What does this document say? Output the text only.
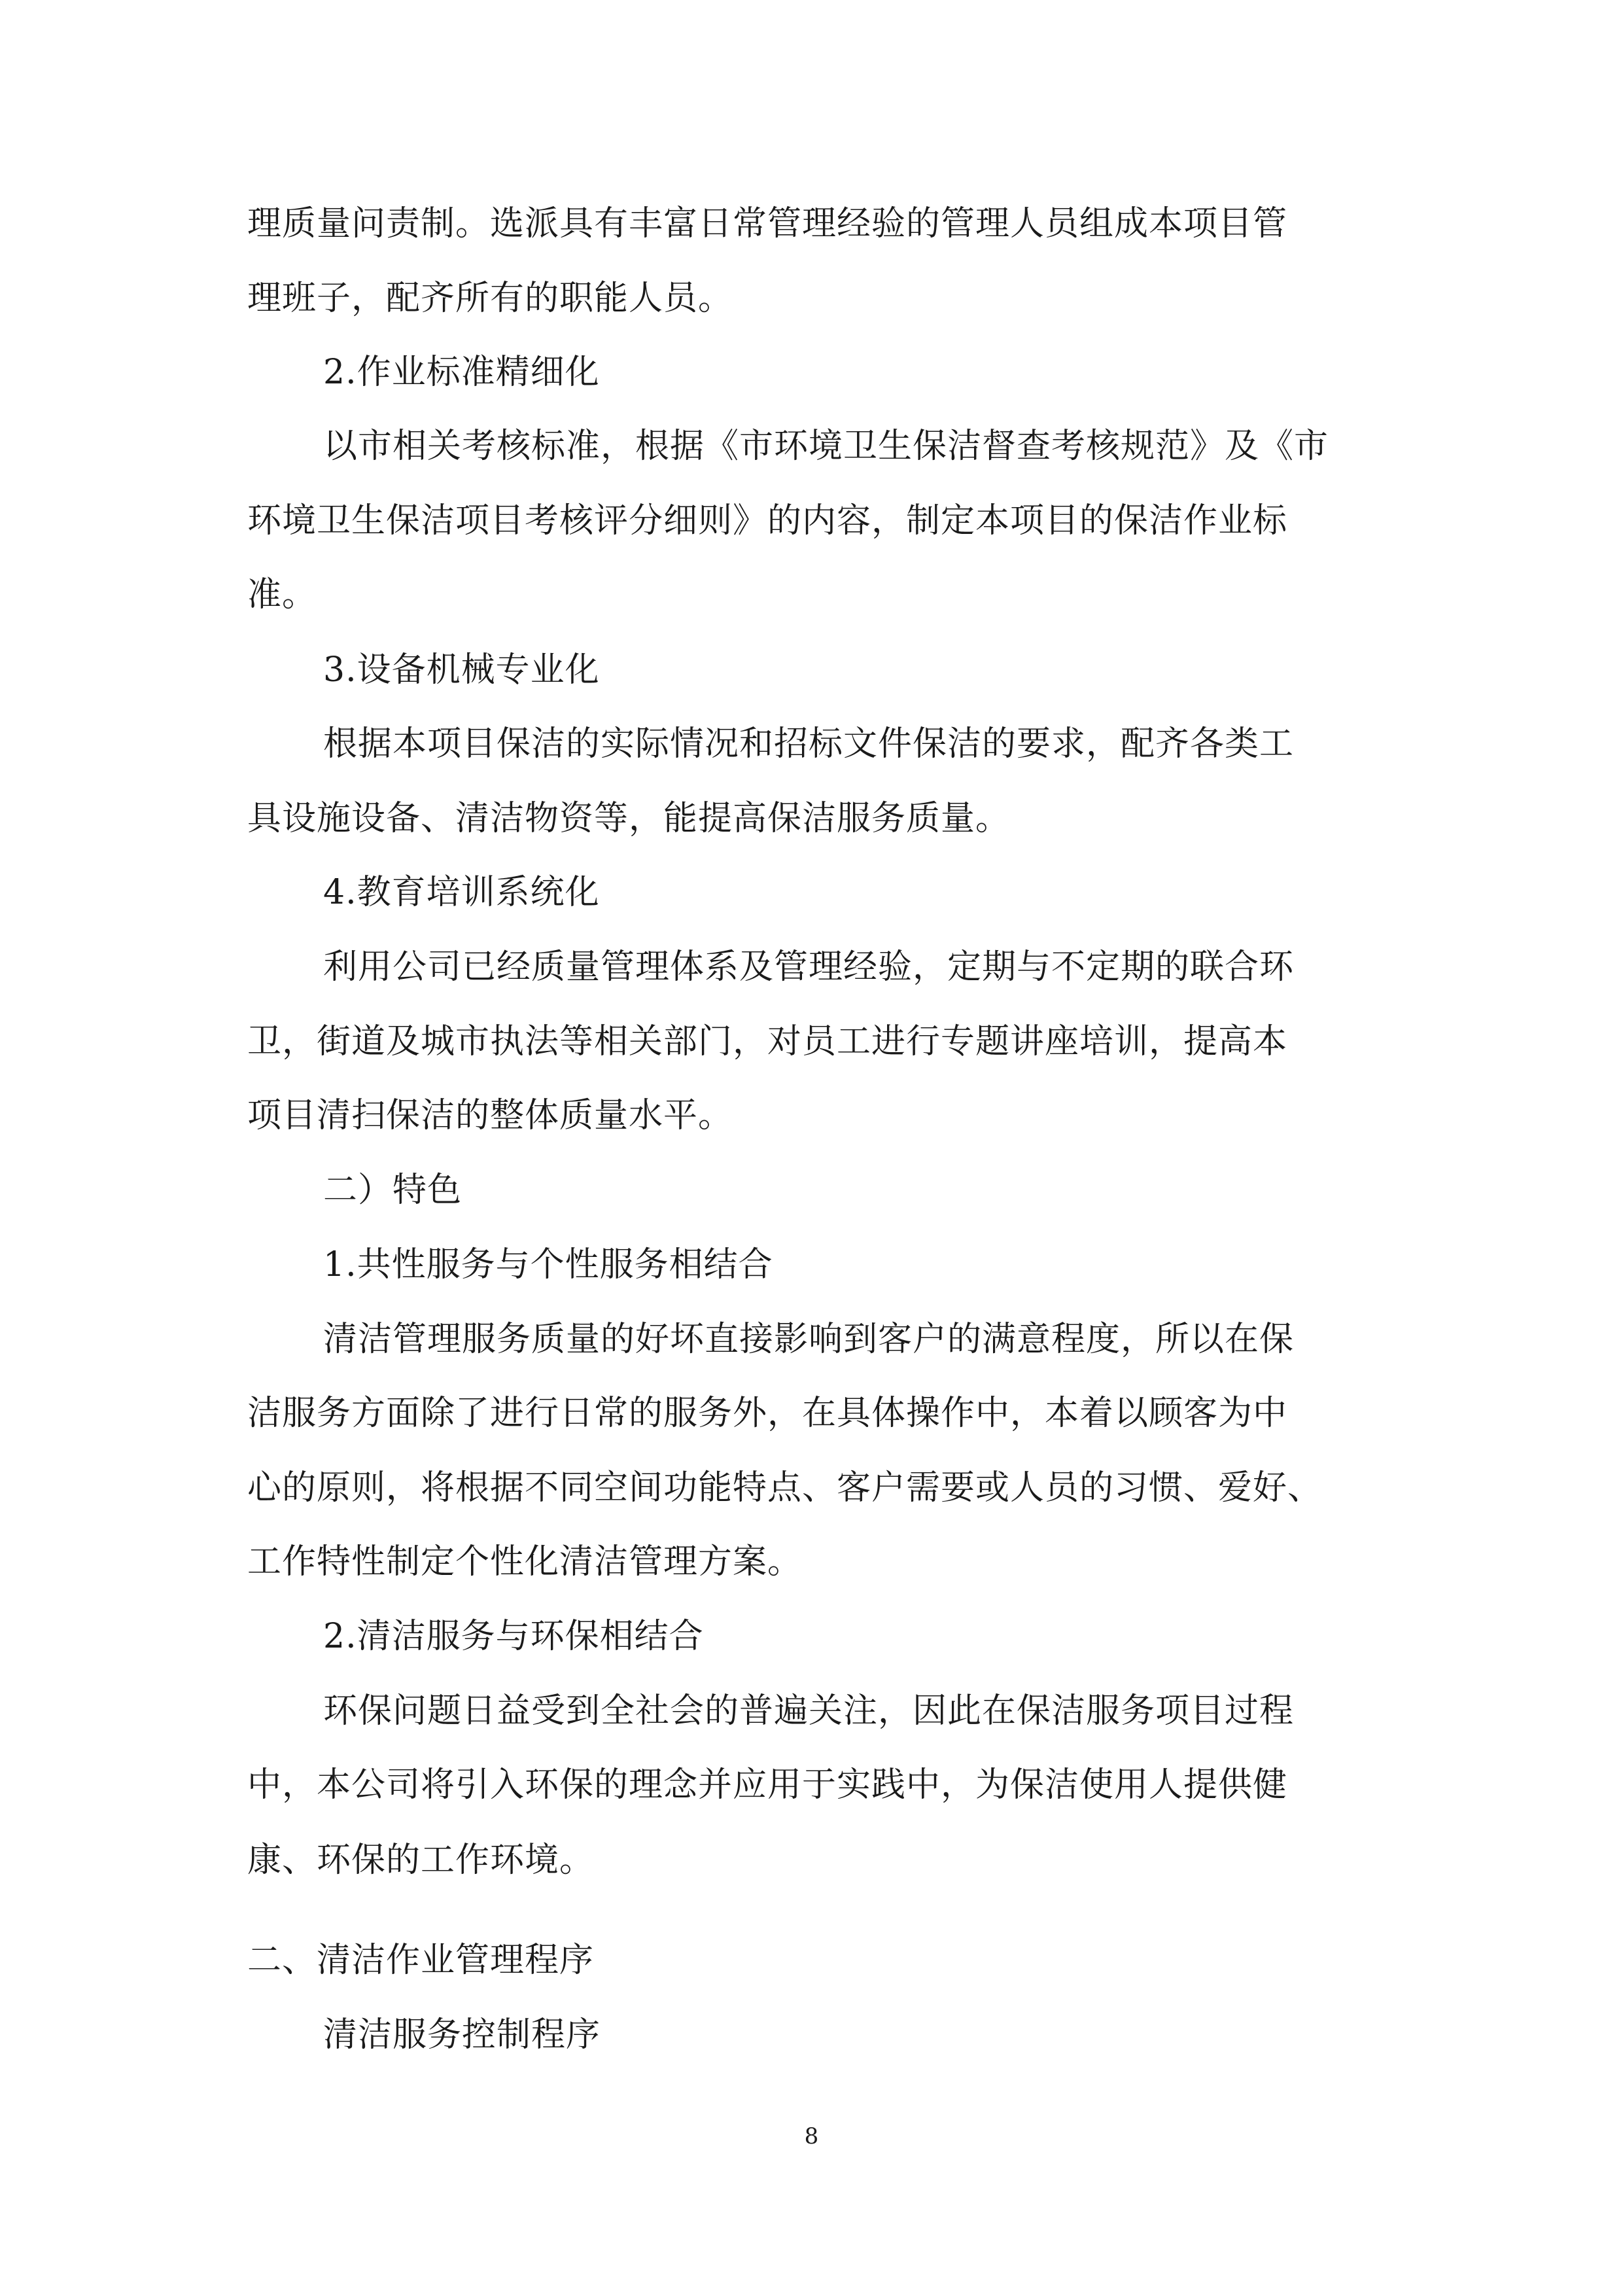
理质量问责制。选派具有丰富日常管理经验的管理人员组成本项目管
理班子，配齐所有的职能人员。
2.作业标准精细化
以市相关考核标准，根据《市环境卫生保洁督查考核规范》及《市
环境卫生保洁项目考核评分细则》的内容，制定本项目的保洁作业标
准。
3.设备机械专业化
根据本项目保洁的实际情况和招标文件保洁的要求，配齐各类工
具设施设备、清洁物资等，能提高保洁服务质量。
4.教育培训系统化
利用公司已经质量管理体系及管理经验，定期与不定期的联合环
卫，街道及城市执法等相关部门，对员工进行专题讲座培训，提高本
项目清扫保洁的整体质量水平。
二）特色
1.共性服务与个性服务相结合
清洁管理服务质量的好坏直接影响到客户的满意程度，所以在保
洁服务方面除了进行日常的服务外，在具体操作中，本着以顾客为中
心的原则，将根据不同空间功能特点、客户需要或人员的习惯、爱好、
工作特性制定个性化清洁管理方案。
2.清洁服务与环保相结合
环保问题日益受到全社会的普遍关注，因此在保洁服务项目过程
中，本公司将引入环保的理念并应用于实践中，为保洁使用人提供健
康、环保的工作环境。
二、清洁作业管理程序
清洁服务控制程序
8
